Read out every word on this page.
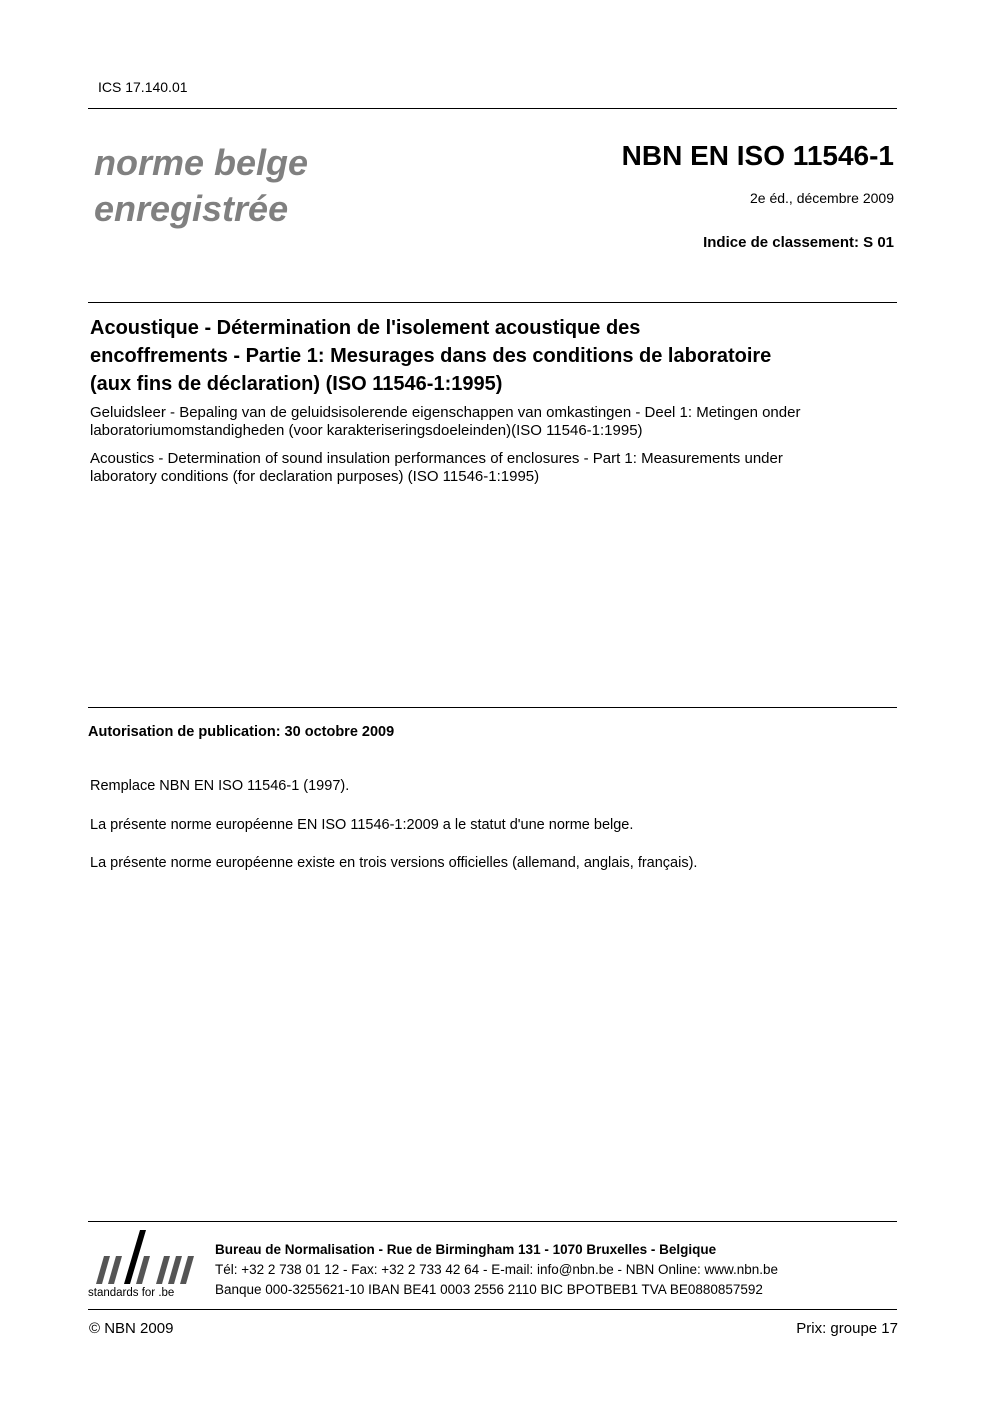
ICS 17.140.01
norme belge
enregistrée
NBN EN ISO 11546-1
2e éd., décembre 2009
Indice de classement: S 01
Acoustique - Détermination de l'isolement acoustique des
encoffrements - Partie 1: Mesurages dans des conditions de laboratoire
(aux fins de déclaration) (ISO 11546-1:1995)
Geluidsleer - Bepaling van de geluidsisolerende eigenschappen van omkastingen - Deel 1: Metingen onder
laboratoriumomstandigheden (voor karakteriseringsdoeleinden)(ISO 11546-1:1995)
Acoustics - Determination of sound insulation performances of enclosures - Part 1: Measurements under
laboratory conditions (for declaration purposes) (ISO 11546-1:1995)
Autorisation de publication: 30 octobre 2009
Remplace NBN EN ISO 11546-1 (1997).
La présente norme européenne EN ISO 11546-1:2009 a le statut d'une norme belge.
La présente norme européenne existe en trois versions officielles (allemand, anglais, français).
standards for .be
Bureau de Normalisation - Rue de Birmingham 131 - 1070 Bruxelles - Belgique
Tél: +32 2 738 01 12 - Fax: +32 2 733 42 64 - E-mail: info@nbn.be - NBN Online: www.nbn.be
Banque 000-3255621-10 IBAN BE41 0003 2556 2110 BIC BPOTBEB1 TVA BE0880857592
© NBN 2009	Prix: groupe 17
